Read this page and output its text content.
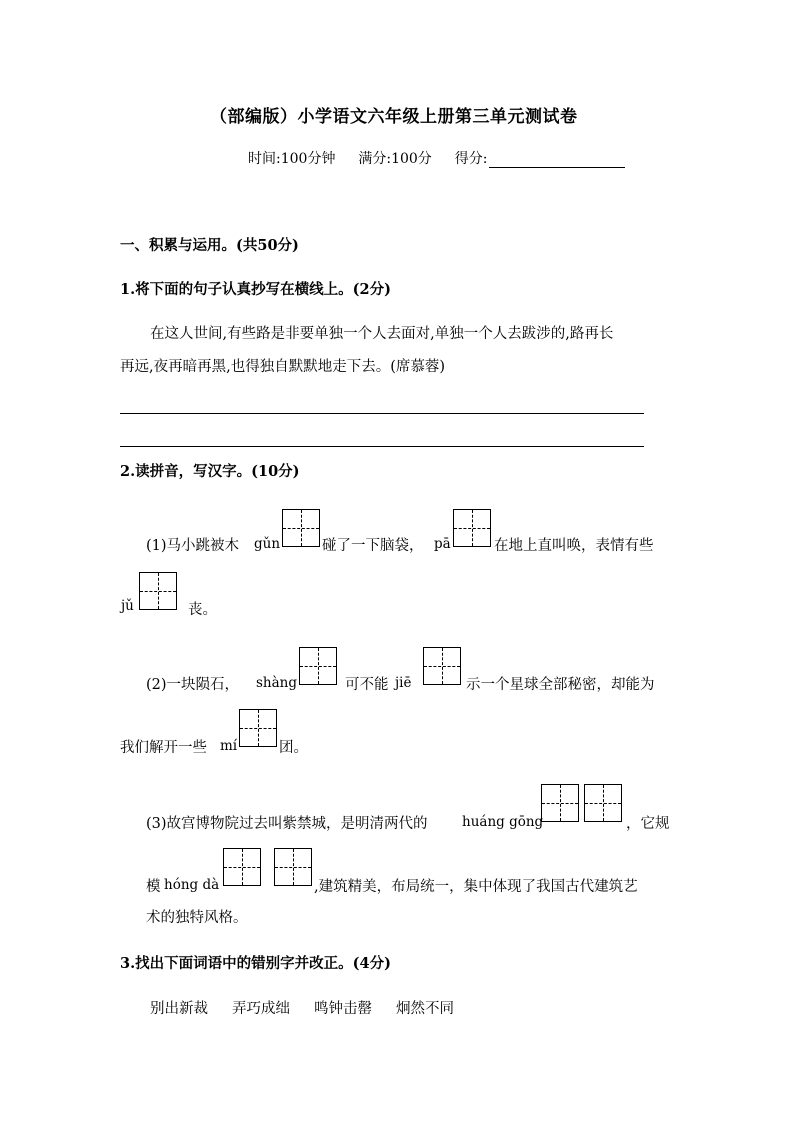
（部编版）小学语文六年级上册第三单元测试卷
时间:100分钟 满分:100分 得分:
一、积累与运用。(共50分)
1.将下面的句子认真抄写在横线上。(2分)
在这人世间,有些路是非要单独一个人去面对,单独一个人去跋涉的,路再长
再远,夜再暗再黑,也得独自默默地走下去。(席慕蓉)
2.读拼音，写汉字。(10分)
(1)马小跳被木 gǔn	碰了一下脑袋， pā	在地上直叫唤，表情有些
jǔ	丧。
(2)一块陨石， shàng	可不能 jiē	示一个星球全部秘密，却能为
我们解开一些 mí	团。
(3)故宫博物院过去叫紫禁城，是明清两代的	huáng gōng	，它规
模 hóng dà	,建筑精美，布局统一，集中体现了我国古代建筑艺
术的独特风格。
3.找出下面词语中的错别字并改正。(4分)
别出新裁 弄巧成绌 鸣钟击罄 炯然不同
